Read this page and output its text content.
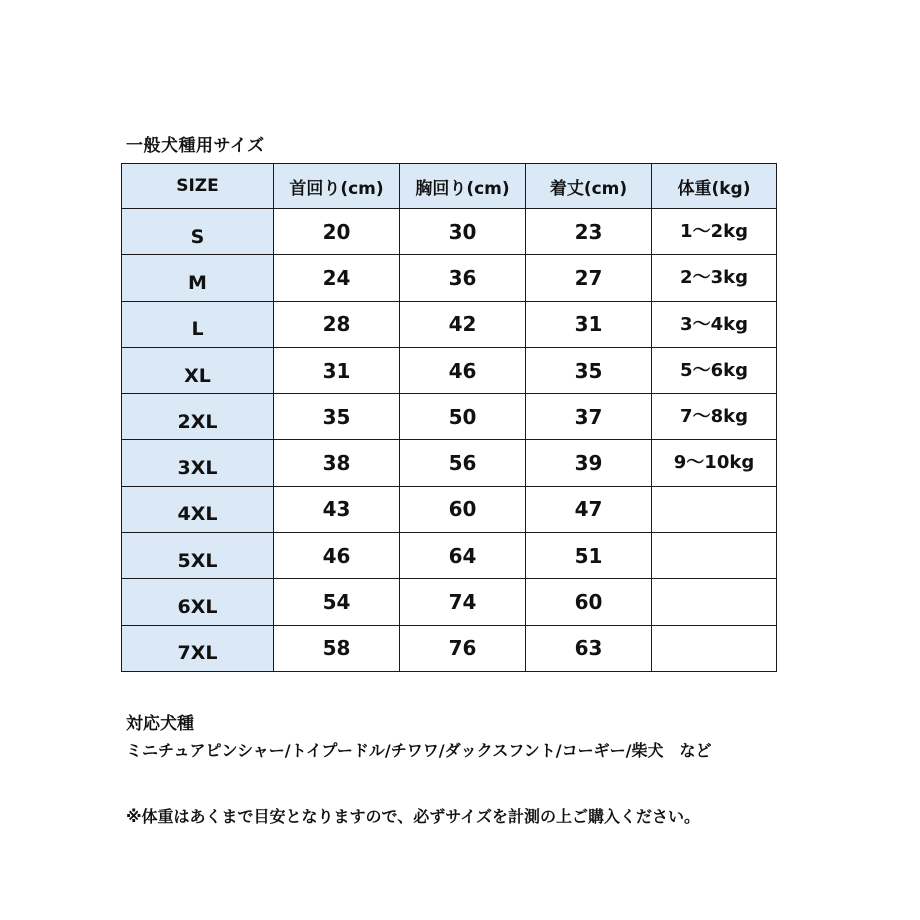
一般犬種用サイズ
SIZE	首回り(cm)	胸回り(cm)	着丈(cm)	体重(kg)
S	20	30	23	1〜2kg
M	24	36	27	2〜3kg
L	28	42	31	3〜4kg
XL	31	46	35	5〜6kg
2XL	35	50	37	7〜8kg
3XL	38	56	39	9〜10kg
4XL	43	60	47	
5XL	46	64	51	
6XL	54	74	60	
7XL	58	76	63	
対応犬種
ミニチュアピンシャー/トイプードル/チワワ/ダックスフント/コーギー/柴犬　など
※体重はあくまで目安となりますので、必ずサイズを計測の上ご購入ください。
